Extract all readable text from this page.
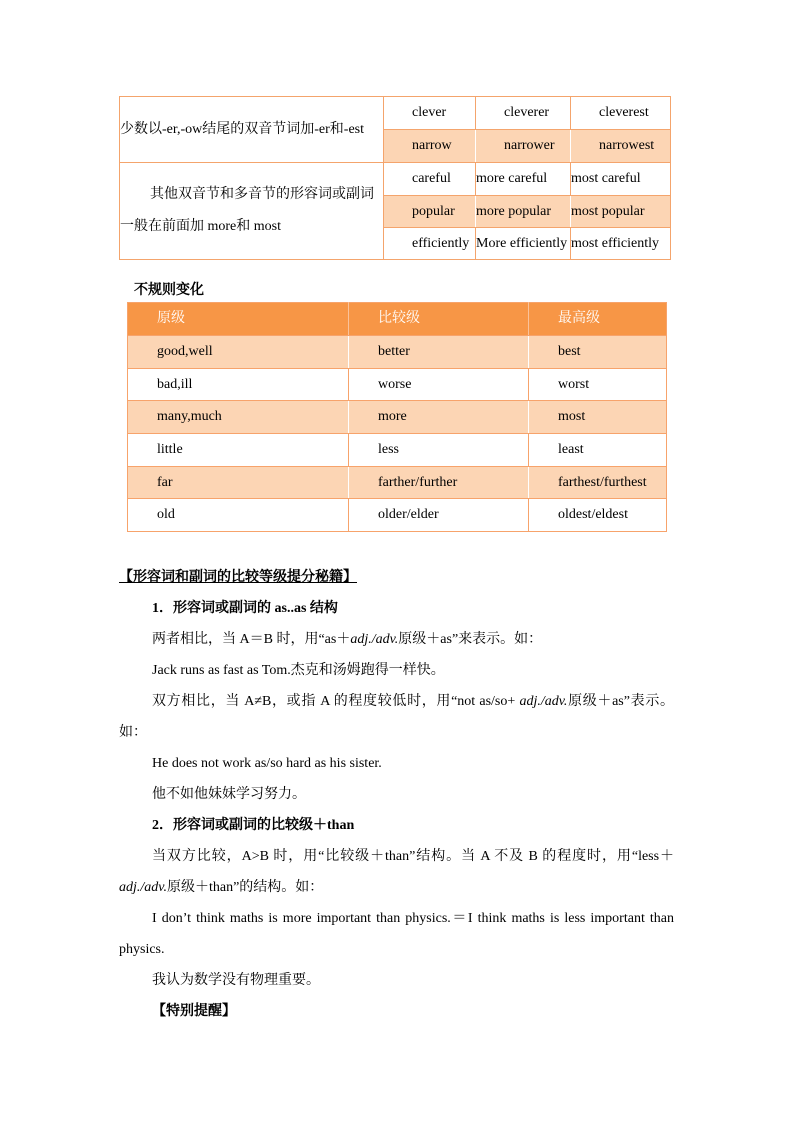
少数以-er,-ow结尾的双音节词加-er和-est	clever	cleverer	cleverest
	narrow	narrower	narrowest

其他双音节和多音节的形容词或副词
一般在前面加 more和 most	careful	more careful	most careful
	popular	more popular	most popular
	efficiently	More efficiently	most efficiently
不规则变化
原级	比较级	最高级
good,well	better	best
bad,ill	worse	worst
many,much	more	most
little	less	least
far	farther/further	farthest/furthest
old	older/elder	oldest/eldest
【形容词和副词的比较等级提分秘籍】
1．形容词或副词的 as..as 结构
两者相比，当 A＝B 时，用“as＋adj./adv.原级＋as”来表示。如：
Jack runs as fast as Tom.杰克和汤姆跑得一样快。
双方相比，当 A≠B，或指 A 的程度较低时，用“not as/so+ adj./adv.原级＋as”表示。
如：
He does not work as/so hard as his sister.
他不如他妹妹学习努力。
2．形容词或副词的比较级＋than
当双方比较，A>B 时，用“比较级＋than”结构。当 A 不及 B 的程度时，用“less＋
adj./adv.原级＋than”的结构。如：
I don’t think maths is more important than physics.＝I think maths is less important than
physics.
我认为数学没有物理重要。
【特别提醒】
